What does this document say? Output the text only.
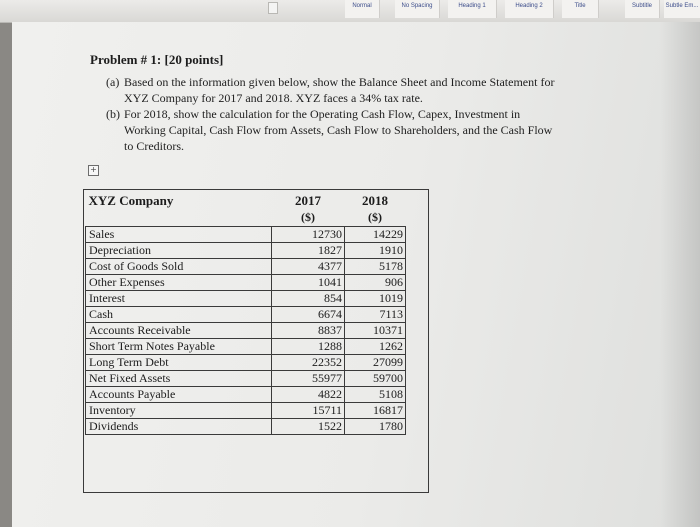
Normal	No Spacing	Heading 1	Heading 2	Title	Subtitle	Subtle Em...
Problem # 1: [20 points]
(a) Based on the information given below, show the Balance Sheet and Income Statement for XYZ Company for 2017 and 2018. XYZ faces a 34% tax rate.
(b) For 2018, show the calculation for the Operating Cash Flow, Capex, Investment in Working Capital, Cash Flow from Assets, Cash Flow to Shareholders, and the Cash Flow to Creditors.
+
XYZ Company	2017	2018
	($)	($)
Sales	12730	14229
Depreciation	1827	1910
Cost of Goods Sold	4377	5178
Other Expenses	1041	906
Interest	854	1019
Cash	6674	7113
Accounts Receivable	8837	10371
Short Term Notes Payable	1288	1262
Long Term Debt	22352	27099
Net Fixed Assets	55977	59700
Accounts Payable	4822	5108
Inventory	15711	16817
Dividends	1522	1780
